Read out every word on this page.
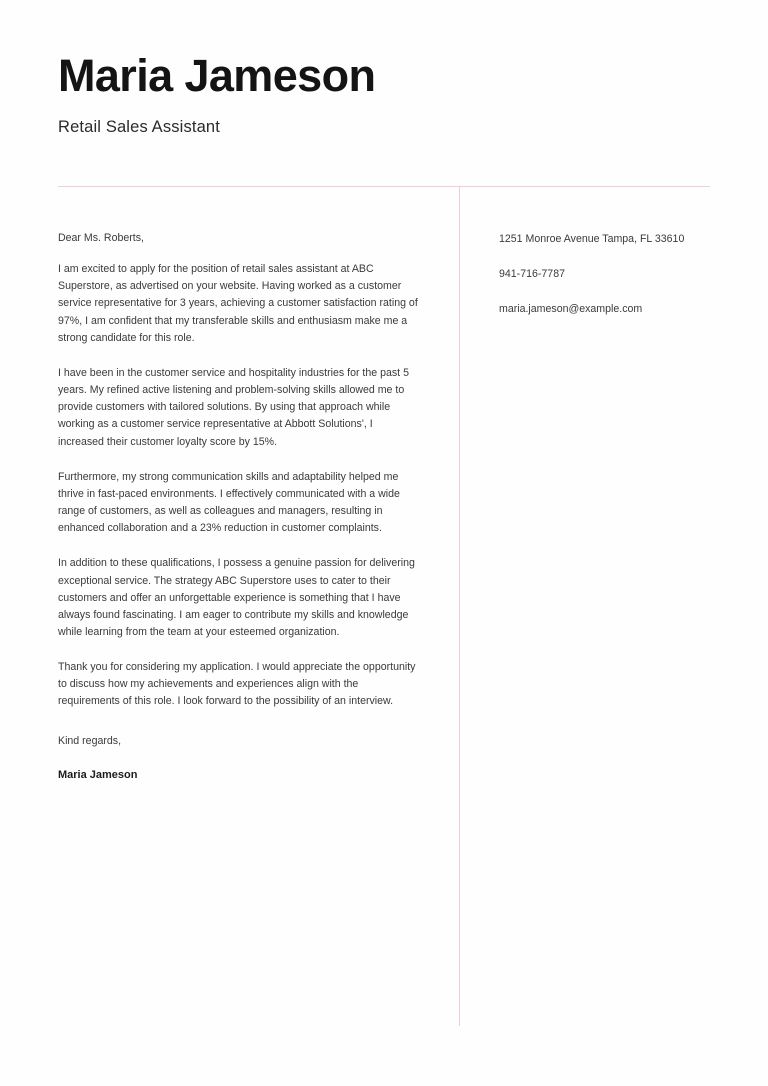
Maria Jameson
Retail Sales Assistant

Dear Ms. Roberts,

I am excited to apply for the position of retail sales assistant at ABC Superstore, as advertised on your website. Having worked as a customer service representative for 3 years, achieving a customer satisfaction rating of 97%, I am confident that my transferable skills and enthusiasm make me a strong candidate for this role.

I have been in the customer service and hospitality industries for the past 5 years. My refined active listening and problem-solving skills allowed me to provide customers with tailored solutions. By using that approach while working as a customer service representative at Abbott Solutions', I increased their customer loyalty score by 15%.

Furthermore, my strong communication skills and adaptability helped me thrive in fast-paced environments. I effectively communicated with a wide range of customers, as well as colleagues and managers, resulting in enhanced collaboration and a 23% reduction in customer complaints.

In addition to these qualifications, I possess a genuine passion for delivering exceptional service. The strategy ABC Superstore uses to cater to their customers and offer an unforgettable experience is something that I have always found fascinating. I am eager to contribute my skills and knowledge while learning from the team at your esteemed organization.

Thank you for considering my application. I would appreciate the opportunity to discuss how my achievements and experiences align with the requirements of this role. I look forward to the possibility of an interview.

Kind regards,

Maria Jameson

1251 Monroe Avenue Tampa, FL 33610
941-716-7787
maria.jameson@example.com
